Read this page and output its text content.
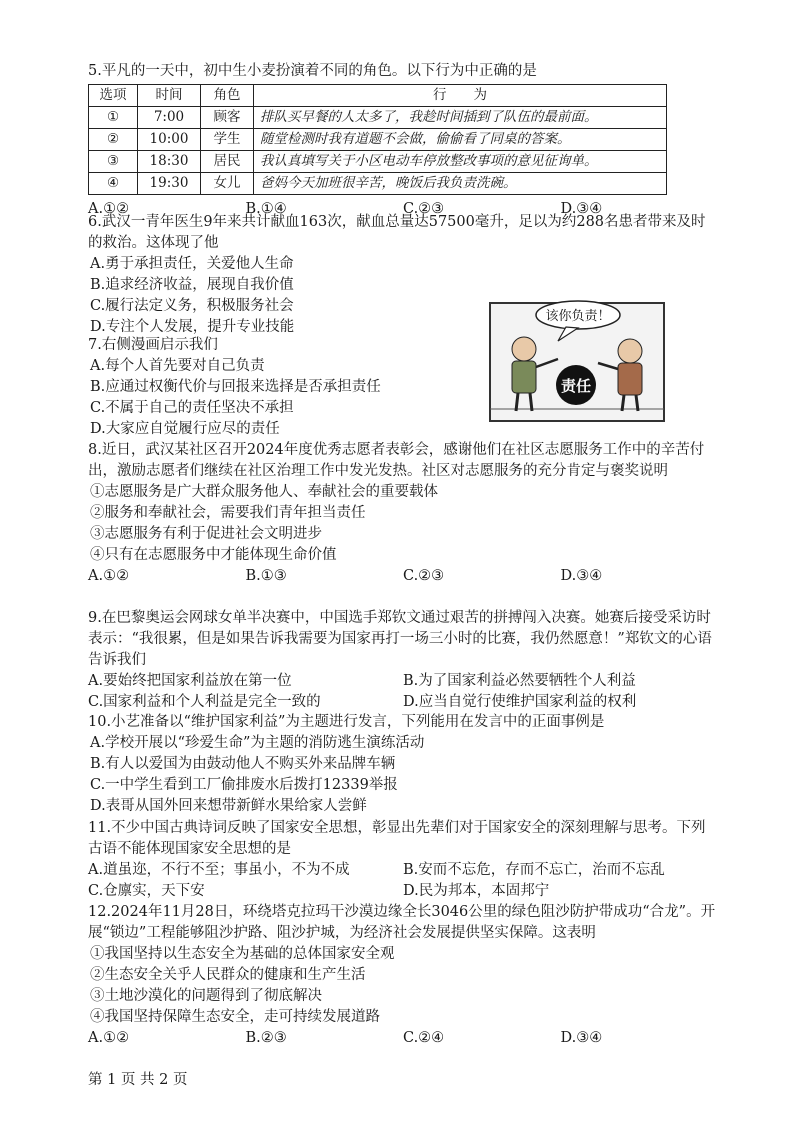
5.平凡的一天中，初中生小麦扮演着不同的角色。以下行为中正确的是
选项	时间	角色	行　　为
①	7:00	顾客	排队买早餐的人太多了，我趁时间插到了队伍的最前面。
②	10:00	学生	随堂检测时我有道题不会做，偷偷看了同桌的答案。
③	18:30	居民	我认真填写关于小区电动车停放整改事项的意见征询单。
④	19:30	女儿	爸妈今天加班很辛苦，晚饭后我负责洗碗。
A.①②	B.①④	C.②③	D.③④
6.武汉一青年医生9年来共计献血163次，献血总量达57500毫升，足以为约288名患者带来及时的救治。这体现了他
A.勇于承担责任，关爱他人生命
B.追求经济收益，展现自我价值
C.履行法定义务，积极服务社会
D.专注个人发展，提升专业技能
7.右侧漫画启示我们
A.每个人首先要对自己负责
B.应通过权衡代价与回报来选择是否承担责任
C.不属于自己的责任坚决不承担
D.大家应自觉履行应尽的责任
该你负责！
责任
8.近日，武汉某社区召开2024年度优秀志愿者表彰会，感谢他们在社区志愿服务工作中的辛苦付出，激励志愿者们继续在社区治理工作中发光发热。社区对志愿服务的充分肯定与褒奖说明
①志愿服务是广大群众服务他人、奉献社会的重要载体
②服务和奉献社会，需要我们青年担当责任
③志愿服务有利于促进社会文明进步
④只有在志愿服务中才能体现生命价值
A.①②	B.①③	C.②③	D.③④
9.在巴黎奥运会网球女单半决赛中，中国选手郑钦文通过艰苦的拼搏闯入决赛。她赛后接受采访时表示：“我很累，但是如果告诉我需要为国家再打一场三小时的比赛，我仍然愿意！”郑钦文的心语告诉我们
A.要始终把国家利益放在第一位	B.为了国家利益必然要牺牲个人利益
C.国家利益和个人利益是完全一致的	D.应当自觉行使维护国家利益的权利
10.小艺准备以“维护国家利益”为主题进行发言，下列能用在发言中的正面事例是
A.学校开展以“珍爱生命”为主题的消防逃生演练活动
B.有人以爱国为由鼓动他人不购买外来品牌车辆
C.一中学生看到工厂偷排废水后拨打12339举报
D.表哥从国外回来想带新鲜水果给家人尝鲜
11.不少中国古典诗词反映了国家安全思想，彰显出先辈们对于国家安全的深刻理解与思考。下列古语不能体现国家安全思想的是
A.道虽迩，不行不至；事虽小，不为不成	B.安而不忘危，存而不忘亡，治而不忘乱
C.仓廪实，天下安	D.民为邦本，本固邦宁
12.2024年11月28日，环绕塔克拉玛干沙漠边缘全长3046公里的绿色阻沙防护带成功“合龙”。开展“锁边”工程能够阻沙护路、阻沙护城，为经济社会发展提供坚实保障。这表明
①我国坚持以生态安全为基础的总体国家安全观
②生态安全关乎人民群众的健康和生产生活
③土地沙漠化的问题得到了彻底解决
④我国坚持保障生态安全，走可持续发展道路
A.①②	B.②③	C.②④	D.③④
第 1 页 共 2 页
